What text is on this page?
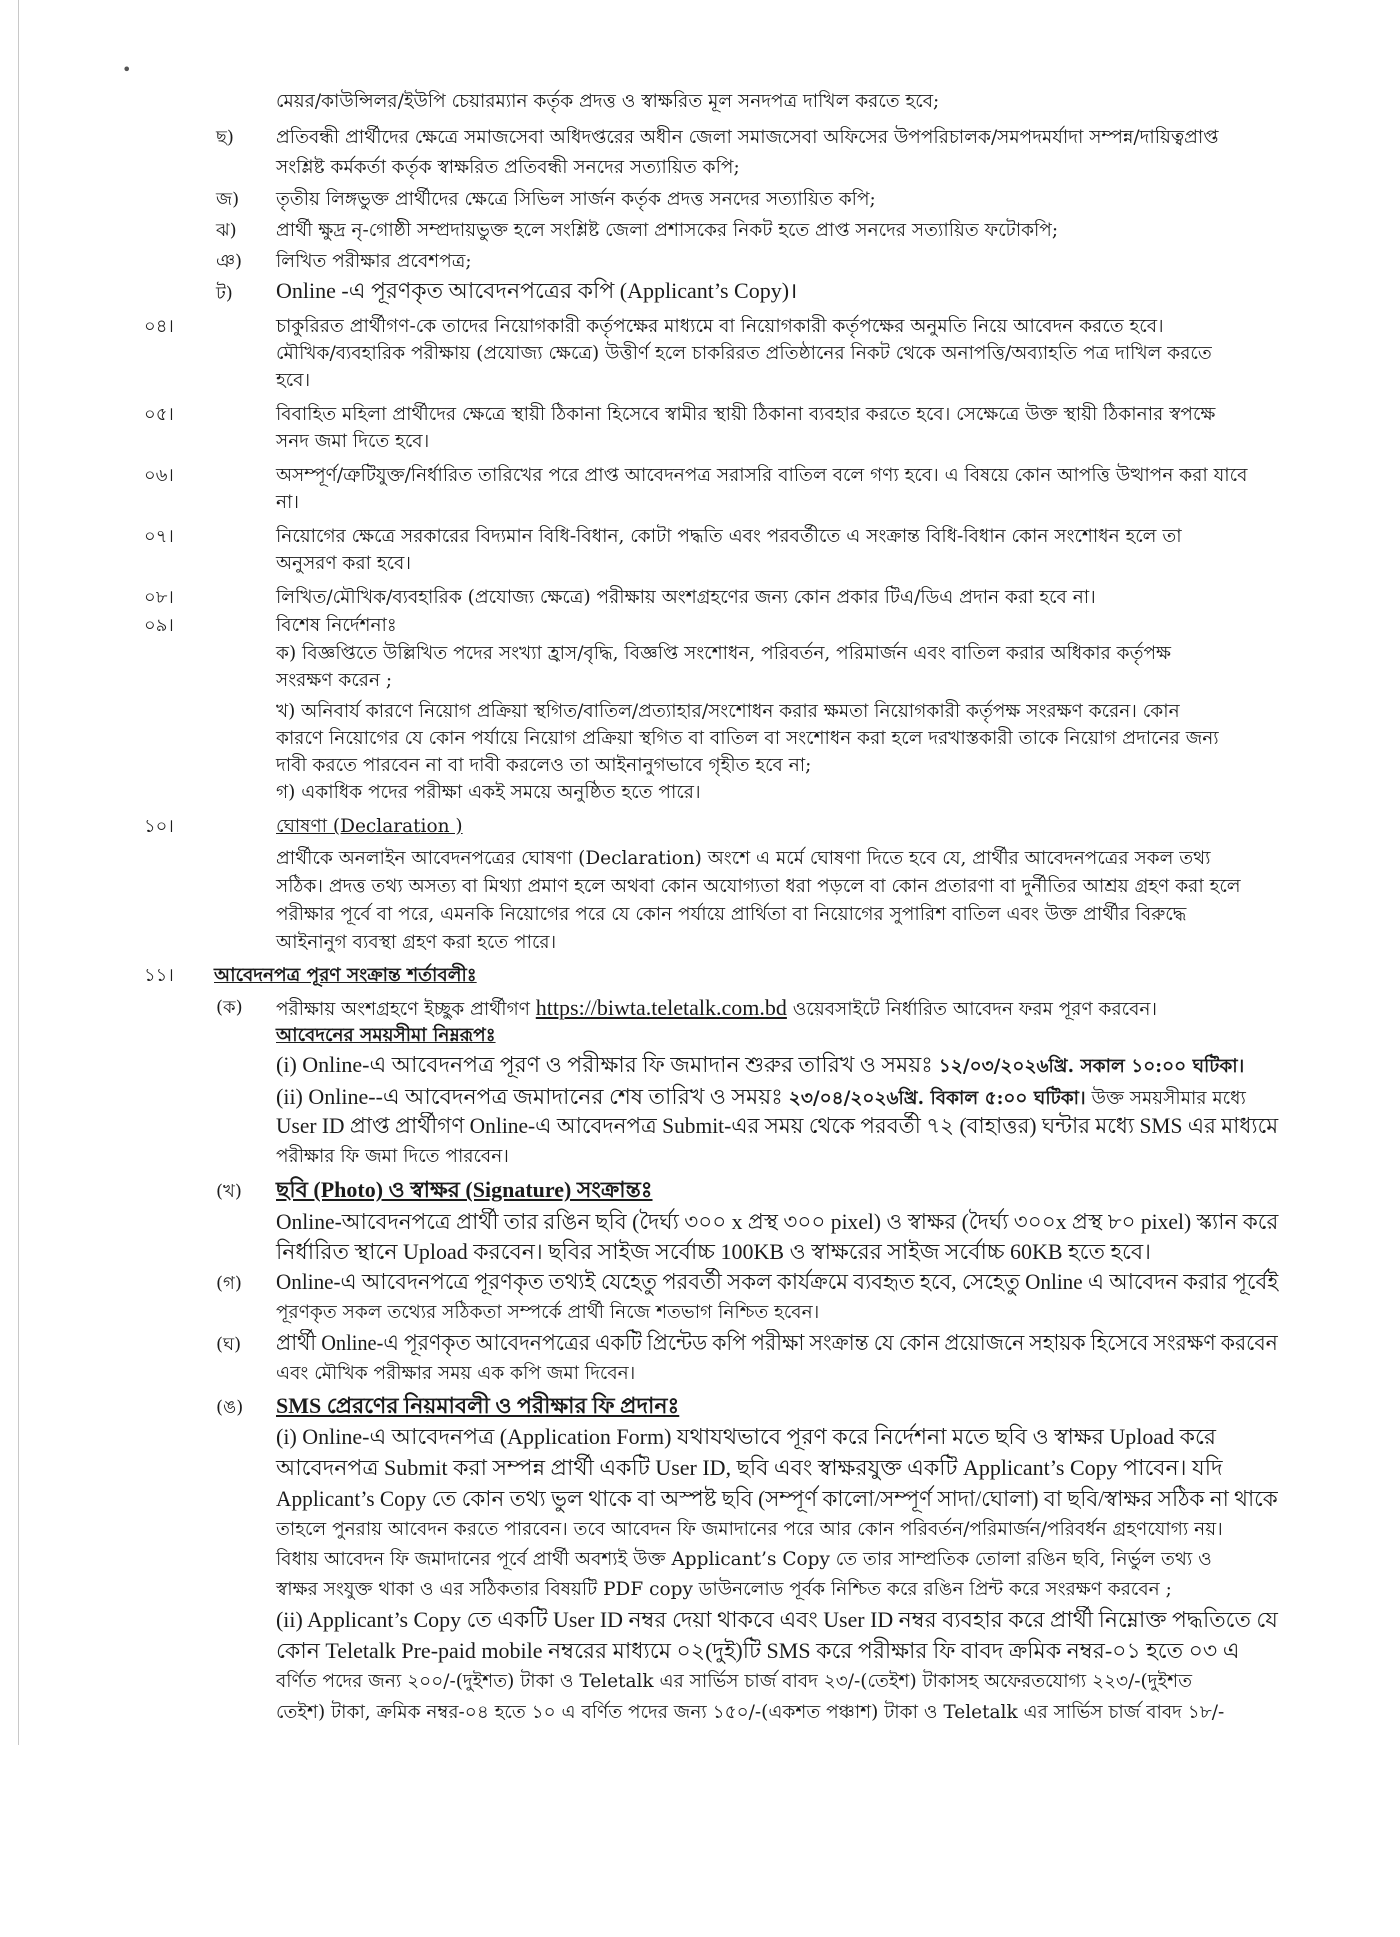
•
মেয়র/কাউন্সিলর/ইউপি চেয়ারম্যান কর্তৃক প্রদত্ত ও স্বাক্ষরিত মূল সনদপত্র দাখিল করতে হবে;
ছ) প্রতিবন্ধী প্রার্থীদের ক্ষেত্রে সমাজসেবা অধিদপ্তরের অধীন জেলা সমাজসেবা অফিসের উপপরিচালক/সমপদমর্যাদা সম্পন্ন/দায়িত্বপ্রাপ্ত
সংশ্লিষ্ট কর্মকর্তা কর্তৃক স্বাক্ষরিত প্রতিবন্ধী সনদের সত্যায়িত কপি;
জ) তৃতীয় লিঙ্গভুক্ত প্রার্থীদের ক্ষেত্রে সিভিল সার্জন কর্তৃক প্রদত্ত সনদের সত্যায়িত কপি;
ঝ) প্রার্থী ক্ষুদ্র নৃ-গোষ্ঠী সম্প্রদায়ভুক্ত হলে সংশ্লিষ্ট জেলা প্রশাসকের নিকট হতে প্রাপ্ত সনদের সত্যায়িত ফটোকপি;
ঞ) লিখিত পরীক্ষার প্রবেশপত্র;
ট) Online -এ পূরণকৃত আবেদনপত্রের কপি (Applicant’s Copy)।
০৪।	চাকুরিরত প্রার্থীগণ-কে তাদের নিয়োগকারী কর্তৃপক্ষের মাধ্যমে বা নিয়োগকারী কর্তৃপক্ষের অনুমতি নিয়ে আবেদন করতে হবে।
মৌখিক/ব্যবহারিক পরীক্ষায় (প্রযোজ্য ক্ষেত্রে) উত্তীর্ণ হলে চাকরিরত প্রতিষ্ঠানের নিকট থেকে অনাপত্তি/অব্যাহতি পত্র দাখিল করতে
হবে।
০৫।	বিবাহিত মহিলা প্রার্থীদের ক্ষেত্রে স্থায়ী ঠিকানা হিসেবে স্বামীর স্থায়ী ঠিকানা ব্যবহার করতে হবে। সেক্ষেত্রে উক্ত স্থায়ী ঠিকানার স্বপক্ষে
সনদ জমা দিতে হবে।
০৬।	অসম্পূর্ণ/ত্রুটিযুক্ত/নির্ধারিত তারিখের পরে প্রাপ্ত আবেদনপত্র সরাসরি বাতিল বলে গণ্য হবে। এ বিষয়ে কোন আপত্তি উত্থাপন করা যাবে
না।
০৭।	নিয়োগের ক্ষেত্রে সরকারের বিদ্যমান বিধি-বিধান, কোটা পদ্ধতি এবং পরবর্তীতে এ সংক্রান্ত বিধি-বিধান কোন সংশোধন হলে তা
অনুসরণ করা হবে।
০৮।	লিখিত/মৌখিক/ব্যবহারিক (প্রযোজ্য ক্ষেত্রে) পরীক্ষায় অংশগ্রহণের জন্য কোন প্রকার টিএ/ডিএ প্রদান করা হবে না।
০৯।	বিশেষ নির্দেশনাঃ
ক) বিজ্ঞপ্তিতে উল্লিখিত পদের সংখ্যা হ্রাস/বৃদ্ধি, বিজ্ঞপ্তি সংশোধন, পরিবর্তন, পরিমার্জন এবং বাতিল করার অধিকার কর্তৃপক্ষ
সংরক্ষণ করেন ;
খ) অনিবার্য কারণে নিয়োগ প্রক্রিয়া স্থগিত/বাতিল/প্রত্যাহার/সংশোধন করার ক্ষমতা নিয়োগকারী কর্তৃপক্ষ সংরক্ষণ করেন। কোন
কারণে নিয়োগের যে কোন পর্যায়ে নিয়োগ প্রক্রিয়া স্থগিত বা বাতিল বা সংশোধন করা হলে দরখাস্তকারী তাকে নিয়োগ প্রদানের জন্য
দাবী করতে পারবেন না বা দাবী করলেও তা আইনানুগভাবে গৃহীত হবে না;
গ) একাধিক পদের পরীক্ষা একই সময়ে অনুষ্ঠিত হতে পারে।
১০।	ঘোষণা (Declaration )
প্রার্থীকে অনলাইন আবেদনপত্রের ঘোষণা (Declaration) অংশে এ মর্মে ঘোষণা দিতে হবে যে, প্রার্থীর আবেদনপত্রের সকল তথ্য
সঠিক। প্রদত্ত তথ্য অসত্য বা মিথ্যা প্রমাণ হলে অথবা কোন অযোগ্যতা ধরা পড়লে বা কোন প্রতারণা বা দুর্নীতির আশ্রয় গ্রহণ করা হলে
পরীক্ষার পূর্বে বা পরে, এমনকি নিয়োগের পরে যে কোন পর্যায়ে প্রার্থিতা বা নিয়োগের সুপারিশ বাতিল এবং উক্ত প্রার্থীর বিরুদ্ধে
আইনানুগ ব্যবস্থা গ্রহণ করা হতে পারে।
১১। আবেদনপত্র পূরণ সংক্রান্ত শর্তাবলীঃ
(ক) পরীক্ষায় অংশগ্রহণে ইচ্ছুক প্রার্থীগণ https://biwta.teletalk.com.bd ওয়েবসাইটে নির্ধারিত আবেদন ফরম পূরণ করবেন।
আবেদনের সময়সীমা নিম্নরূপঃ
(i) Online-এ আবেদনপত্র পূরণ ও পরীক্ষার ফি জমাদান শুরুর তারিখ ও সময়ঃ ১২/০৩/২০২৬খ্রি. সকাল ১০:০০ ঘটিকা।
(ii) Online--এ আবেদনপত্র জমাদানের শেষ তারিখ ও সময়ঃ ২৩/০৪/২০২৬খ্রি. বিকাল ৫:০০ ঘটিকা। উক্ত সময়সীমার মধ্যে
User ID প্রাপ্ত প্রার্থীগণ Online-এ আবেদনপত্র Submit-এর সময় থেকে পরবর্তী ৭২ (বাহাত্তর) ঘন্টার মধ্যে SMS এর মাধ্যমে
পরীক্ষার ফি জমা দিতে পারবেন।
(খ) ছবি (Photo) ও স্বাক্ষর (Signature) সংক্রান্তঃ
Online-আবেদনপত্রে প্রার্থী তার রঙিন ছবি (দৈর্ঘ্য ৩০০ x প্রস্থ ৩০০ pixel) ও স্বাক্ষর (দৈর্ঘ্য ৩০০x প্রস্থ ৮০ pixel) স্ক্যান করে
নির্ধারিত স্থানে Upload করবেন। ছবির সাইজ সর্বোচ্চ 100KB ও স্বাক্ষরের সাইজ সর্বোচ্চ 60KB হতে হবে।
(গ) Online-এ আবেদনপত্রে পূরণকৃত তথ্যই যেহেতু পরবর্তী সকল কার্যক্রমে ব্যবহৃত হবে, সেহেতু Online এ আবেদন করার পূর্বেই
পূরণকৃত সকল তথ্যের সঠিকতা সম্পর্কে প্রার্থী নিজে শতভাগ নিশ্চিত হবেন।
(ঘ) প্রার্থী Online-এ পূরণকৃত আবেদনপত্রের একটি প্রিন্টেড কপি পরীক্ষা সংক্রান্ত যে কোন প্রয়োজনে সহায়ক হিসেবে সংরক্ষণ করবেন
এবং মৌখিক পরীক্ষার সময় এক কপি জমা দিবেন।
(ঙ) SMS প্রেরণের নিয়মাবলী ও পরীক্ষার ফি প্রদানঃ
(i) Online-এ আবেদনপত্র (Application Form) যথাযথভাবে পূরণ করে নির্দেশনা মতে ছবি ও স্বাক্ষর Upload করে
আবেদনপত্র Submit করা সম্পন্ন প্রার্থী একটি User ID, ছবি এবং স্বাক্ষরযুক্ত একটি Applicant’s Copy পাবেন। যদি
Applicant’s Copy তে কোন তথ্য ভুল থাকে বা অস্পষ্ট ছবি (সম্পূর্ণ কালো/সম্পূর্ণ সাদা/ঘোলা) বা ছবি/স্বাক্ষর সঠিক না থাকে
তাহলে পুনরায় আবেদন করতে পারবেন। তবে আবেদন ফি জমাদানের পরে আর কোন পরিবর্তন/পরিমার্জন/পরিবর্ধন গ্রহণযোগ্য নয়।
বিধায় আবেদন ফি জমাদানের পূর্বে প্রার্থী অবশ্যই উক্ত Applicant’s Copy তে তার সাম্প্রতিক তোলা রঙিন ছবি, নির্ভুল তথ্য ও
স্বাক্ষর সংযুক্ত থাকা ও এর সঠিকতার বিষয়টি PDF copy ডাউনলোড পূর্বক নিশ্চিত করে রঙিন প্রিন্ট করে সংরক্ষণ করবেন ;
(ii) Applicant’s Copy তে একটি User ID নম্বর দেয়া থাকবে এবং User ID নম্বর ব্যবহার করে প্রার্থী নিম্নোক্ত পদ্ধতিতে যে
কোন Teletalk Pre-paid mobile নম্বরের মাধ্যমে ০২(দুই)টি SMS করে পরীক্ষার ফি বাবদ ক্রমিক নম্বর-০১ হতে ০৩ এ
বর্ণিত পদের জন্য ২০০/-(দুইশত) টাকা ও Teletalk এর সার্ভিস চার্জ বাবদ ২৩/-(তেইশ) টাকাসহ অফেরতযোগ্য ২২৩/-(দুইশত
তেইশ) টাকা, ক্রমিক নম্বর-০৪ হতে ১০ এ বর্ণিত পদের জন্য ১৫০/-(একশত পঞ্চাশ) টাকা ও Teletalk এর সার্ভিস চার্জ বাবদ ১৮/-
